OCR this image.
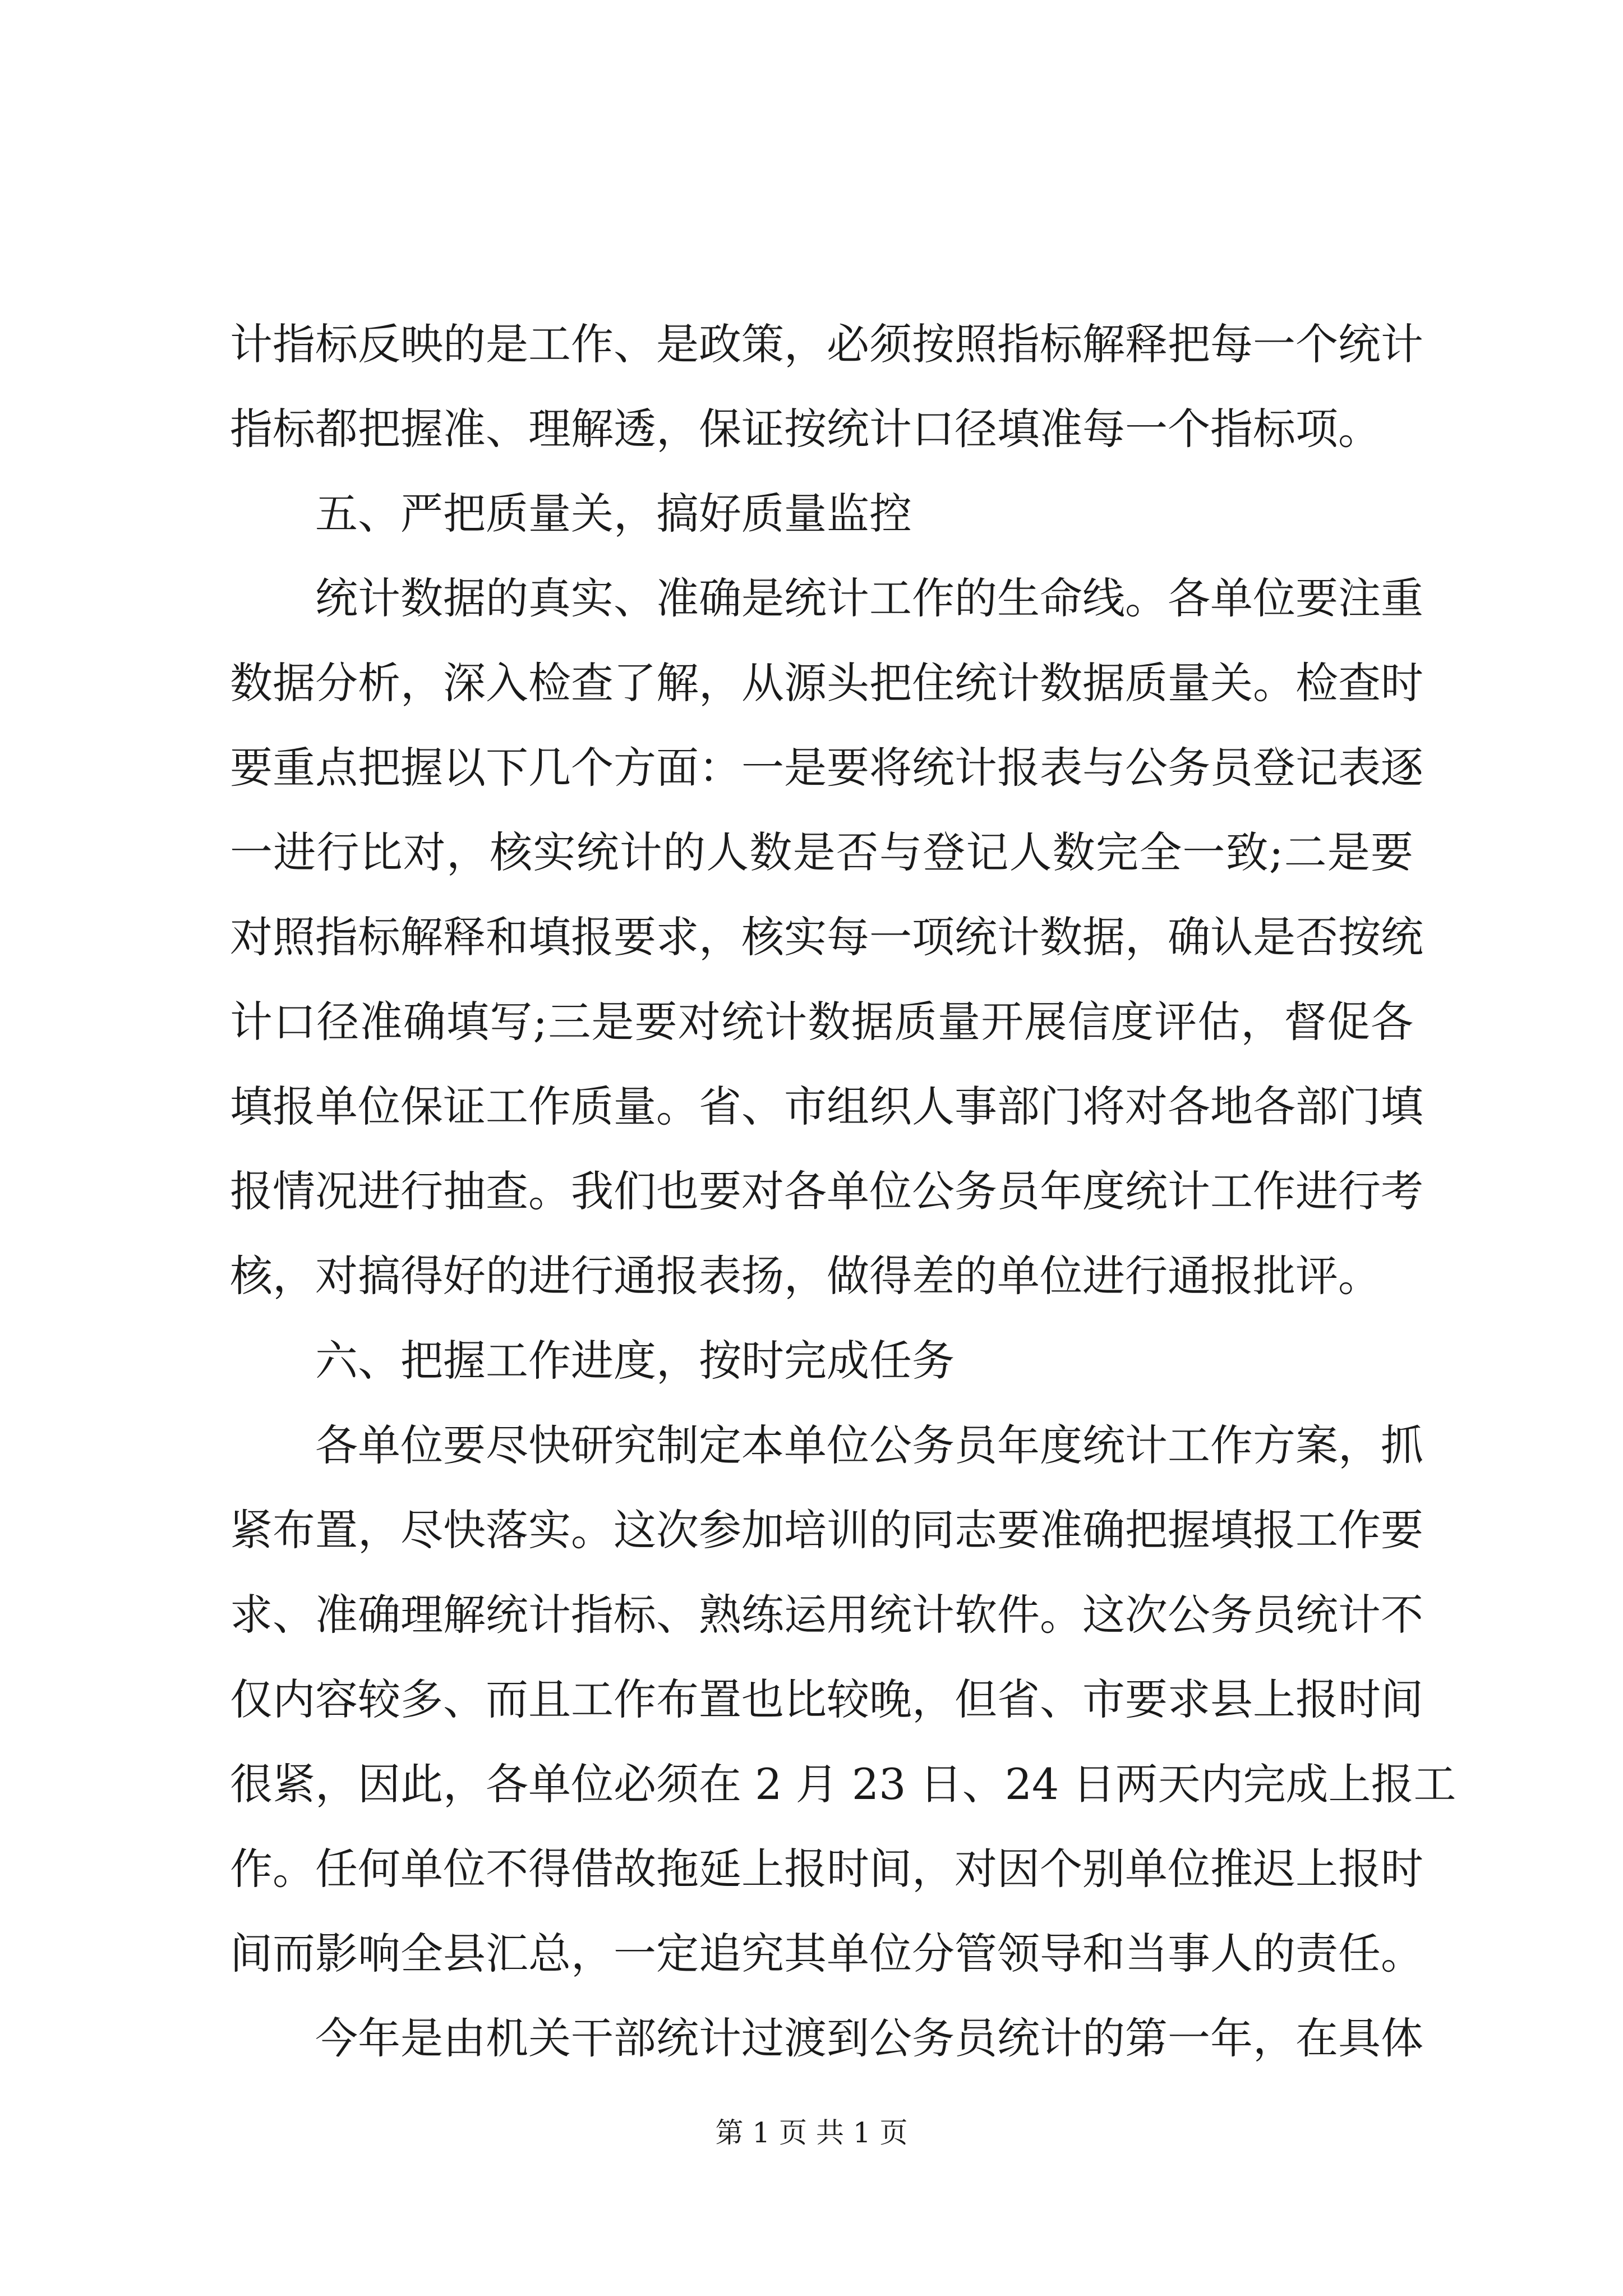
计指标反映的是工作、是政策，必须按照指标解释把每一个统计
指标都把握准、理解透，保证按统计口径填准每一个指标项。
五、严把质量关，搞好质量监控
统计数据的真实、准确是统计工作的生命线。各单位要注重
数据分析，深入检查了解，从源头把住统计数据质量关。检查时
要重点把握以下几个方面：一是要将统计报表与公务员登记表逐
一进行比对，核实统计的人数是否与登记人数完全一致;二是要
对照指标解释和填报要求，核实每一项统计数据，确认是否按统
计口径准确填写;三是要对统计数据质量开展信度评估，督促各
填报单位保证工作质量。省、市组织人事部门将对各地各部门填
报情况进行抽查。我们也要对各单位公务员年度统计工作进行考
核，对搞得好的进行通报表扬，做得差的单位进行通报批评。
六、把握工作进度，按时完成任务
各单位要尽快研究制定本单位公务员年度统计工作方案，抓
紧布置，尽快落实。这次参加培训的同志要准确把握填报工作要
求、准确理解统计指标、熟练运用统计软件。这次公务员统计不
仅内容较多、而且工作布置也比较晚，但省、市要求县上报时间
很紧，因此，各单位必须在 2 月 23 日、24 日两天内完成上报工
作。任何单位不得借故拖延上报时间，对因个别单位推迟上报时
间而影响全县汇总，一定追究其单位分管领导和当事人的责任。
今年是由机关干部统计过渡到公务员统计的第一年，在具体
第 1 页 共 1 页
